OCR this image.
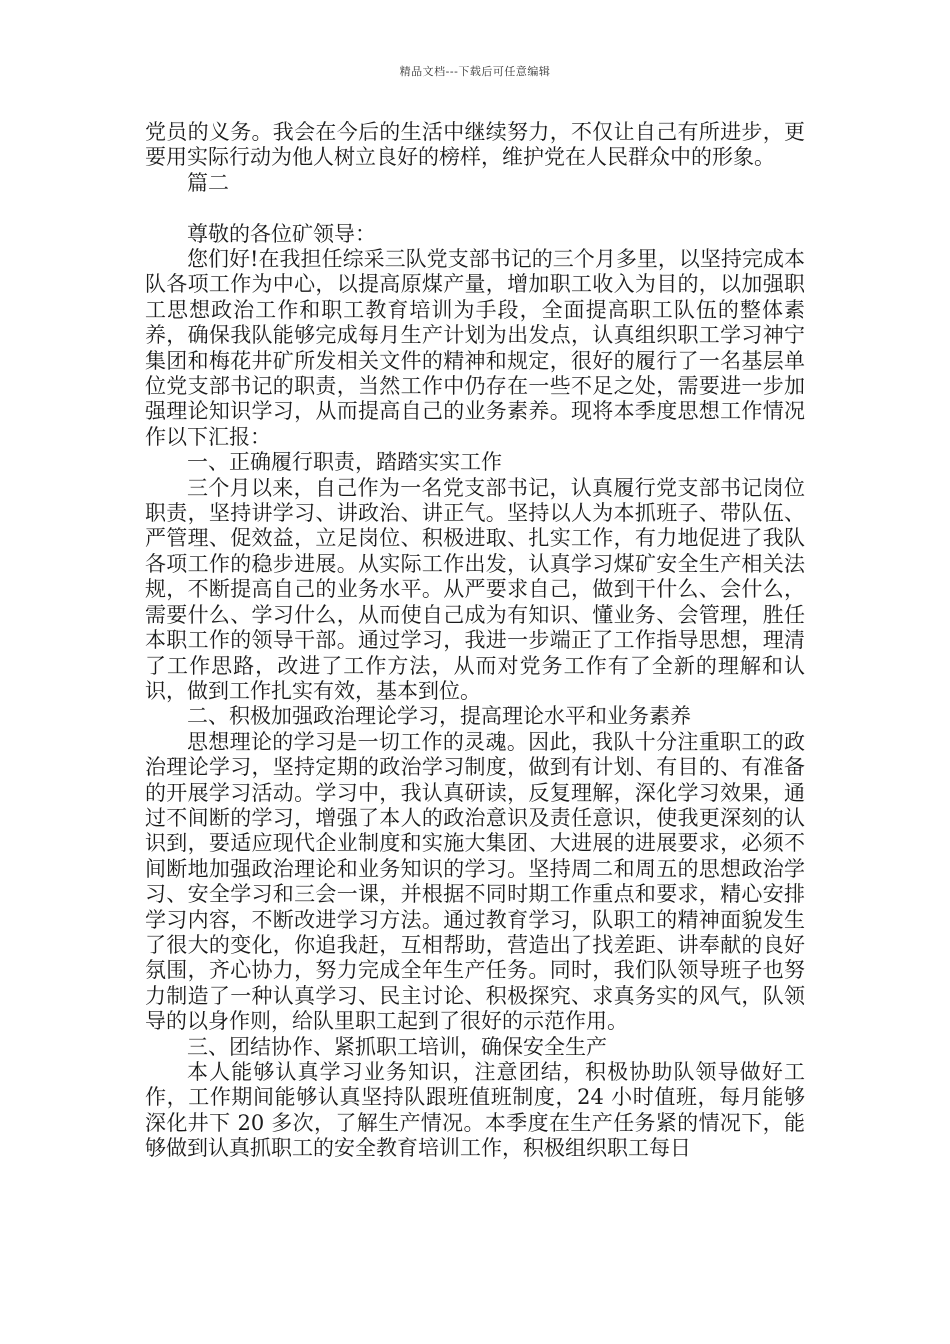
精品文档---下载后可任意编辑

党员的义务。我会在今后的生活中继续努力，不仅让自己有所进步，更要用实际行动为他人树立良好的榜样，维护党在人民群众中的形象。

篇二

尊敬的各位矿领导：

您们好!在我担任综采三队党支部书记的三个月多里，以坚持完成本队各项工作为中心，以提高原煤产量，增加职工收入为目的，以加强职工思想政治工作和职工教育培训为手段，全面提高职工队伍的整体素养，确保我队能够完成每月生产计划为出发点，认真组织职工学习神宁集团和梅花井矿所发相关文件的精神和规定，很好的履行了一名基层单位党支部书记的职责，当然工作中仍存在一些不足之处，需要进一步加强理论知识学习，从而提高自己的业务素养。现将本季度思想工作情况作以下汇报：

一、正确履行职责，踏踏实实工作

三个月以来，自己作为一名党支部书记，认真履行党支部书记岗位职责，坚持讲学习、讲政治、讲正气。坚持以人为本抓班子、带队伍、严管理、促效益，立足岗位、积极进取、扎实工作，有力地促进了我队各项工作的稳步进展。从实际工作出发，认真学习煤矿安全生产相关法规，不断提高自己的业务水平。从严要求自己，做到干什么、会什么，需要什么、学习什么，从而使自己成为有知识、懂业务、会管理，胜任本职工作的领导干部。通过学习，我进一步端正了工作指导思想，理清了工作思路，改进了工作方法，从而对党务工作有了全新的理解和认识，做到工作扎实有效，基本到位。

二、积极加强政治理论学习，提高理论水平和业务素养

思想理论的学习是一切工作的灵魂。因此，我队十分注重职工的政治理论学习，坚持定期的政治学习制度，做到有计划、有目的、有准备的开展学习活动。学习中，我认真研读，反复理解，深化学习效果，通过不间断的学习，增强了本人的政治意识及责任意识，使我更深刻的认识到，要适应现代企业制度和实施大集团、大进展的进展要求，必须不间断地加强政治理论和业务知识的学习。坚持周二和周五的思想政治学习、安全学习和三会一课，并根据不同时期工作重点和要求，精心安排学习内容，不断改进学习方法。通过教育学习，队职工的精神面貌发生了很大的变化，你追我赶，互相帮助，营造出了找差距、讲奉献的良好氛围，齐心协力，努力完成全年生产任务。同时，我们队领导班子也努力制造了一种认真学习、民主讨论、积极探究、求真务实的风气，队领导的以身作则，给队里职工起到了很好的示范作用。

三、团结协作、紧抓职工培训，确保安全生产

本人能够认真学习业务知识，注意团结，积极协助队领导做好工作，工作期间能够认真坚持队跟班值班制度，24 小时值班，每月能够深化井下 20 多次，了解生产情况。本季度在生产任务紧的情况下，能够做到认真抓职工的安全教育培训工作，积极组织职工每日
